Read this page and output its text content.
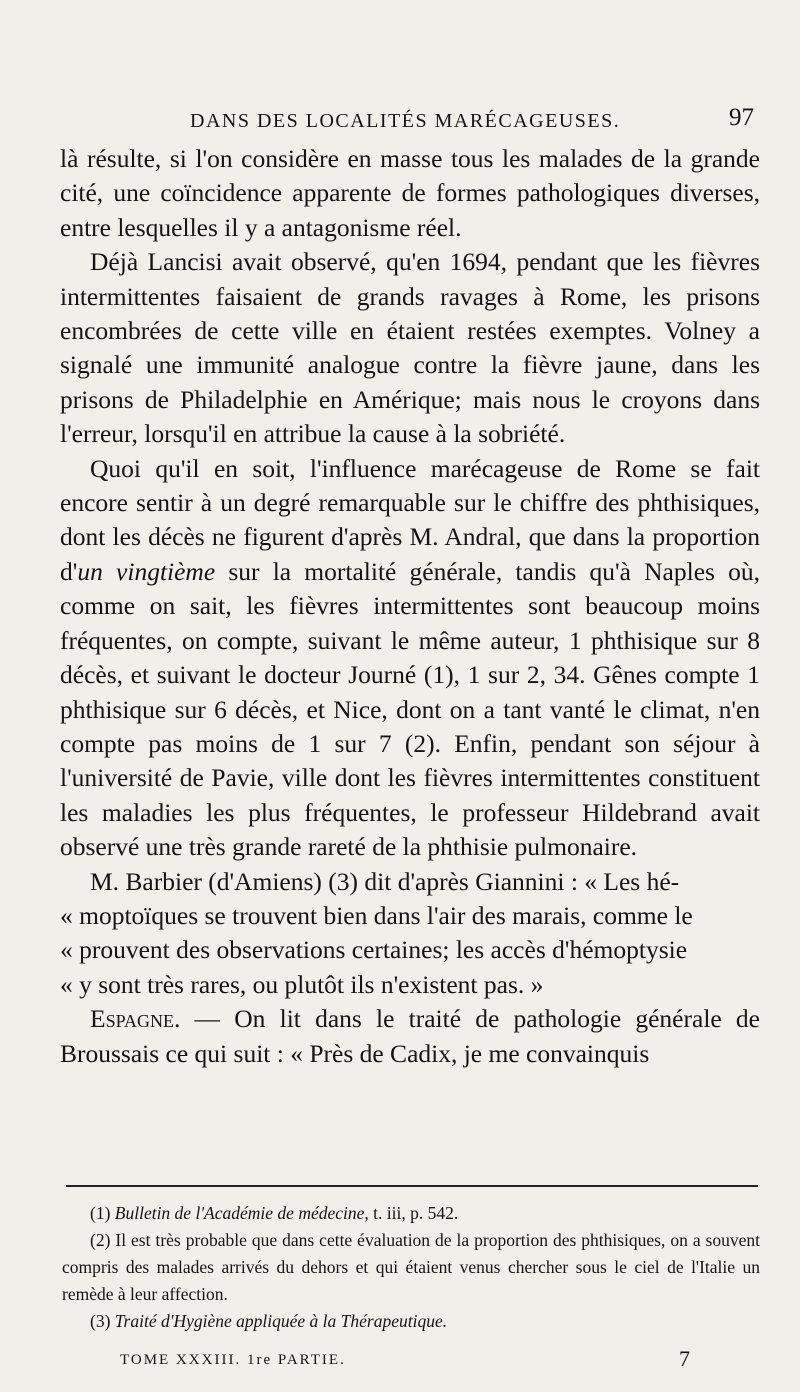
DANS DES LOCALITÉS MARÉCAGEUSES.	97

là résulte, si l'on considère en masse tous les malades de la grande cité, une coïncidence apparente de formes pathologiques diverses, entre lesquelles il y a antagonisme réel.

Déjà Lancisi avait observé, qu'en 1694, pendant que les fièvres intermittentes faisaient de grands ravages à Rome, les prisons encombrées de cette ville en étaient restées exemptes. Volney a signalé une immunité analogue contre la fièvre jaune, dans les prisons de Philadelphie en Amérique; mais nous le croyons dans l'erreur, lorsqu'il en attribue la cause à la sobriété.

Quoi qu'il en soit, l'influence marécageuse de Rome se fait encore sentir à un degré remarquable sur le chiffre des phthisiques, dont les décès ne figurent d'après M. Andral, que dans la proportion d'un vingtième sur la mortalité générale, tandis qu'à Naples où, comme on sait, les fièvres intermittentes sont beaucoup moins fréquentes, on compte, suivant le même auteur, 1 phthisique sur 8 décès, et suivant le docteur Journé (1), 1 sur 2, 34. Gênes compte 1 phthisique sur 6 décès, et Nice, dont on a tant vanté le climat, n'en compte pas moins de 1 sur 7 (2). Enfin, pendant son séjour à l'université de Pavie, ville dont les fièvres intermittentes constituent les maladies les plus fréquentes, le professeur Hildebrand avait observé une très grande rareté de la phthisie pulmonaire.

M. Barbier (d'Amiens) (3) dit d'après Giannini : « Les hé-
« moptoïques se trouvent bien dans l'air des marais, comme le
« prouvent des observations certaines; les accès d'hémoptysie
« y sont très rares, ou plutôt ils n'existent pas. »

Espagne. — On lit dans le traité de pathologie générale de Broussais ce qui suit : « Près de Cadix, je me convainquis

(1) Bulletin de l'Académie de médecine, t. iii, p. 542.

(2) Il est très probable que dans cette évaluation de la proportion des phthisiques, on a souvent compris des malades arrivés du dehors et qui étaient venus chercher sous le ciel de l'Italie un remède à leur affection.

(3) Traité d'Hygiène appliquée à la Thérapeutique.

TOME XXXIII. 1re PARTIE.	7
